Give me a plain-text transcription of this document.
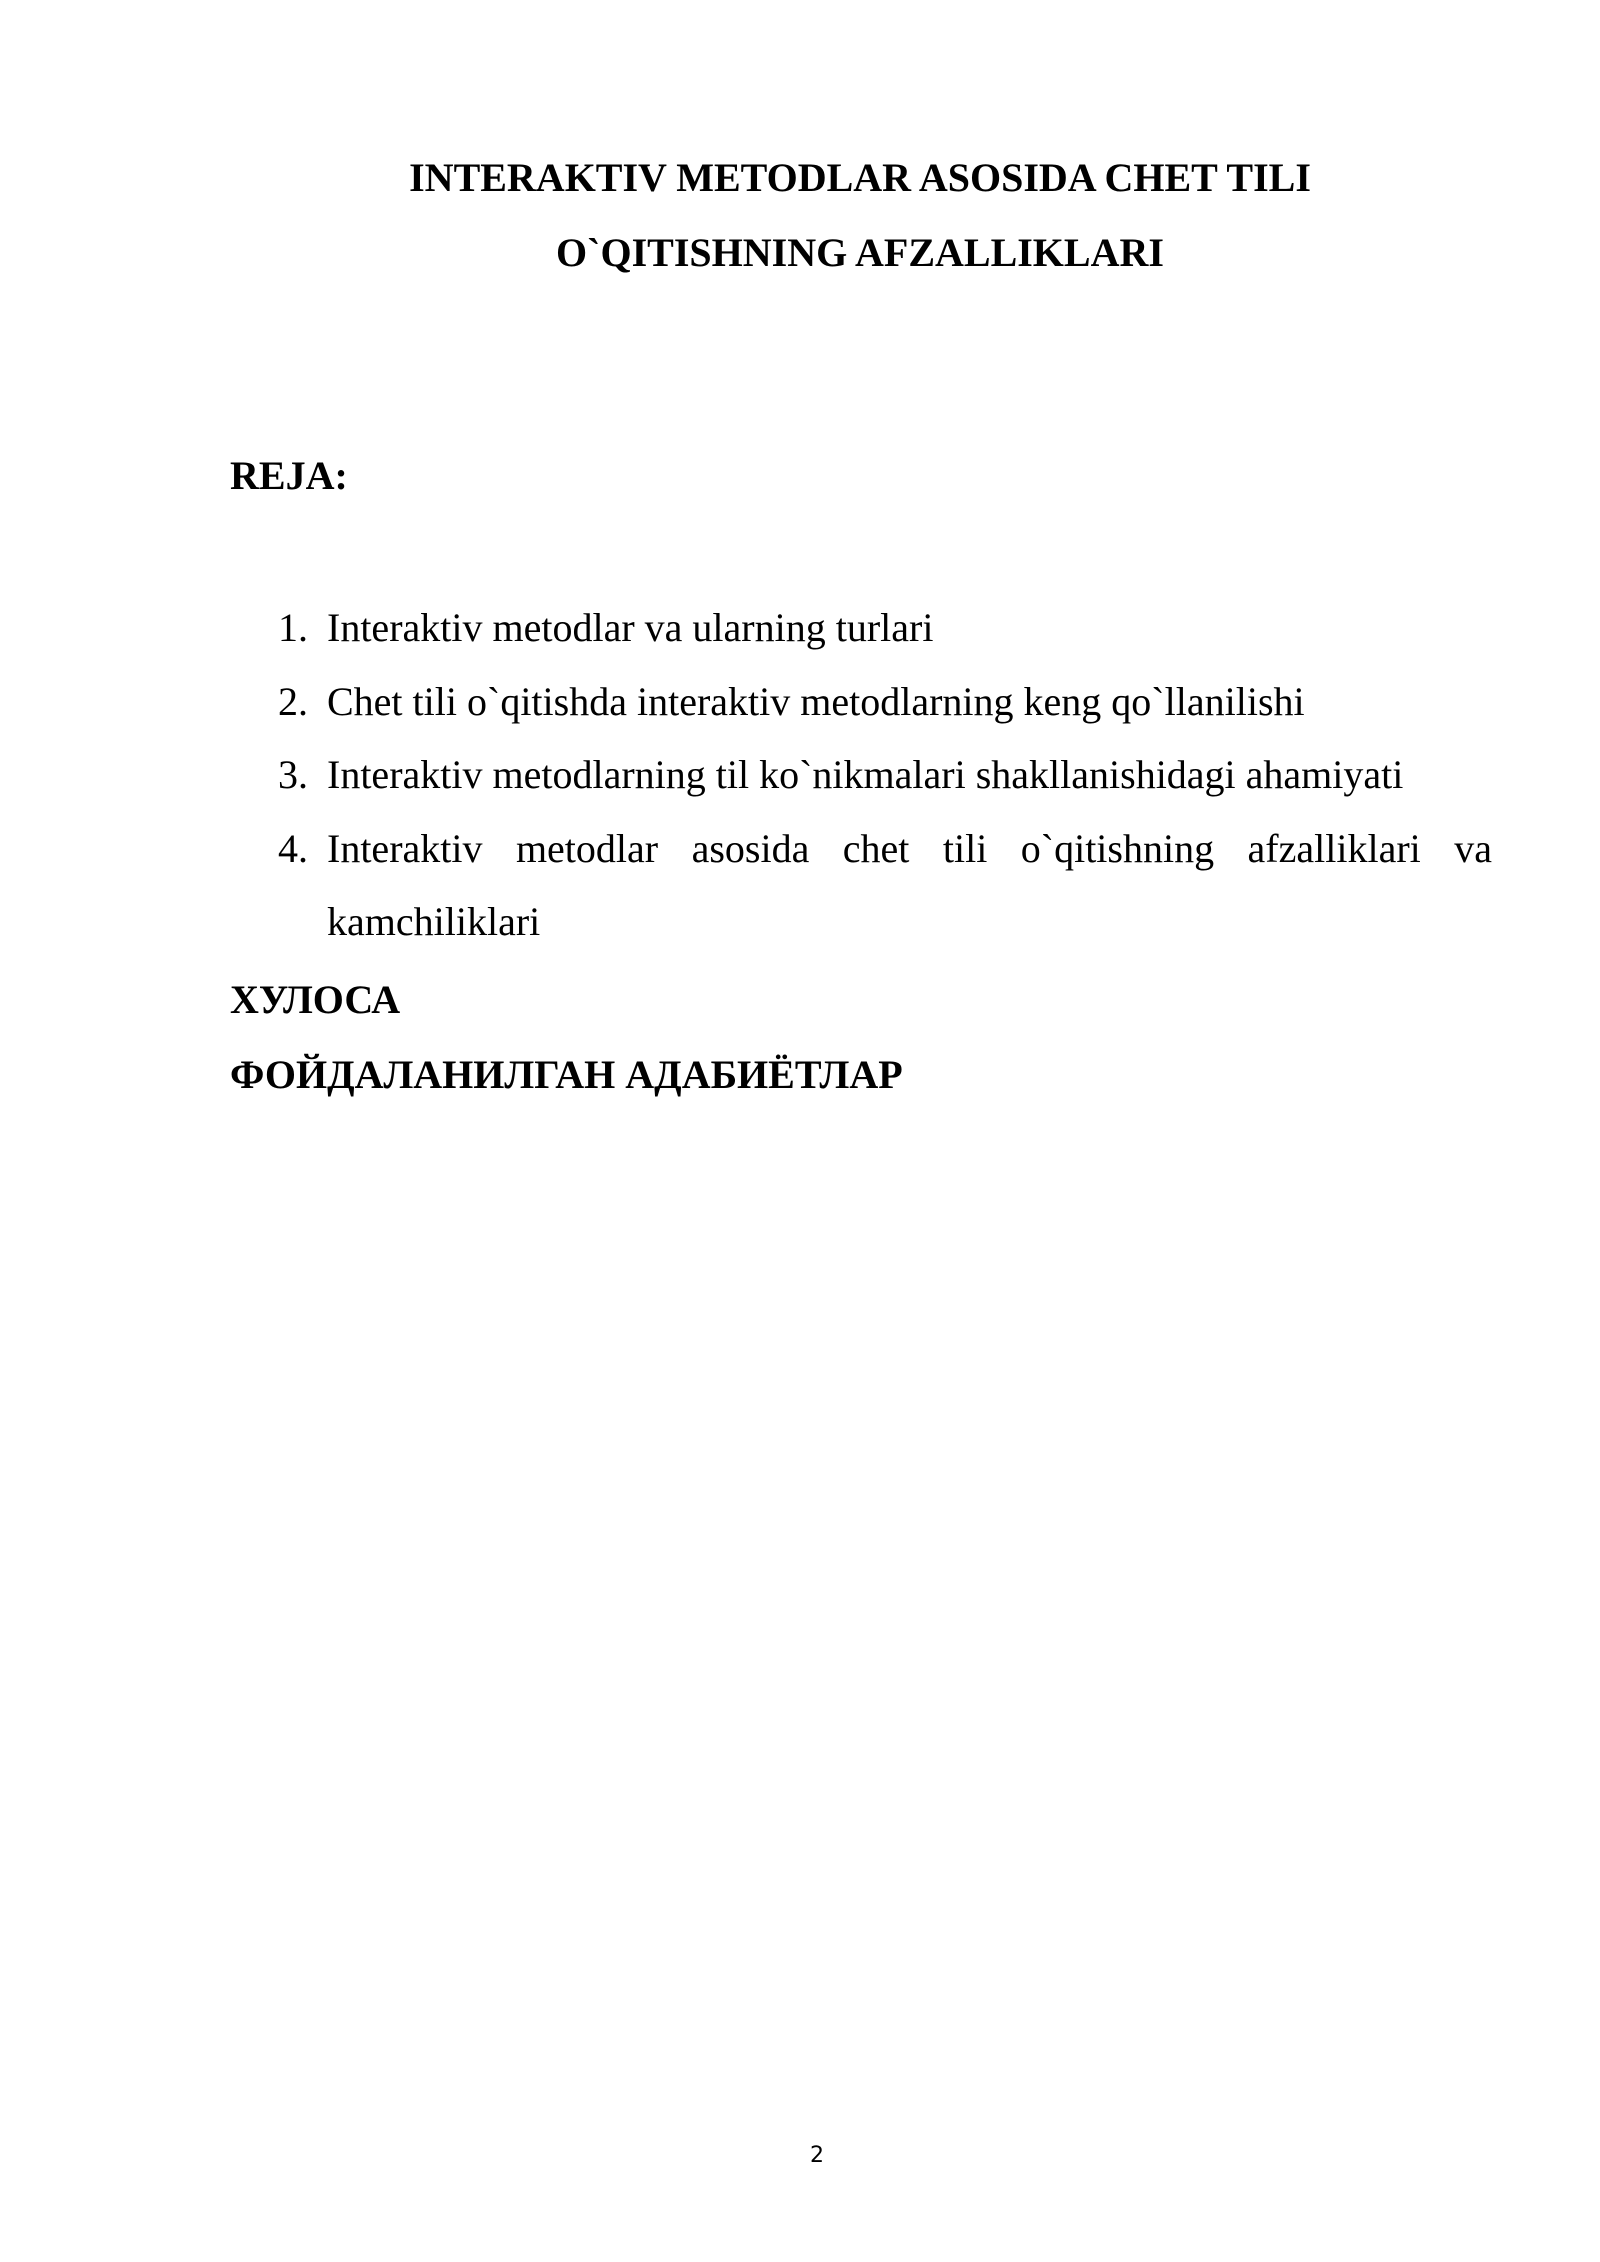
INTERAKTIV METODLAR ASOSIDA CHET TILI
O`QITISHNING AFZALLIKLARI
REJA:
1. Interaktiv metodlar va ularning turlari
2. Chet tili o`qitishda interaktiv metodlarning keng qo`llanilishi
3. Interaktiv metodlarning til ko`nikmalari shakllanishidagi ahamiyati
4. Interaktiv metodlar asosida chet tili o`qitishning afzalliklari va kamchiliklari
ХУЛОСА
ФОЙДАЛАНИЛГАН АДАБИЁТЛАР
2
